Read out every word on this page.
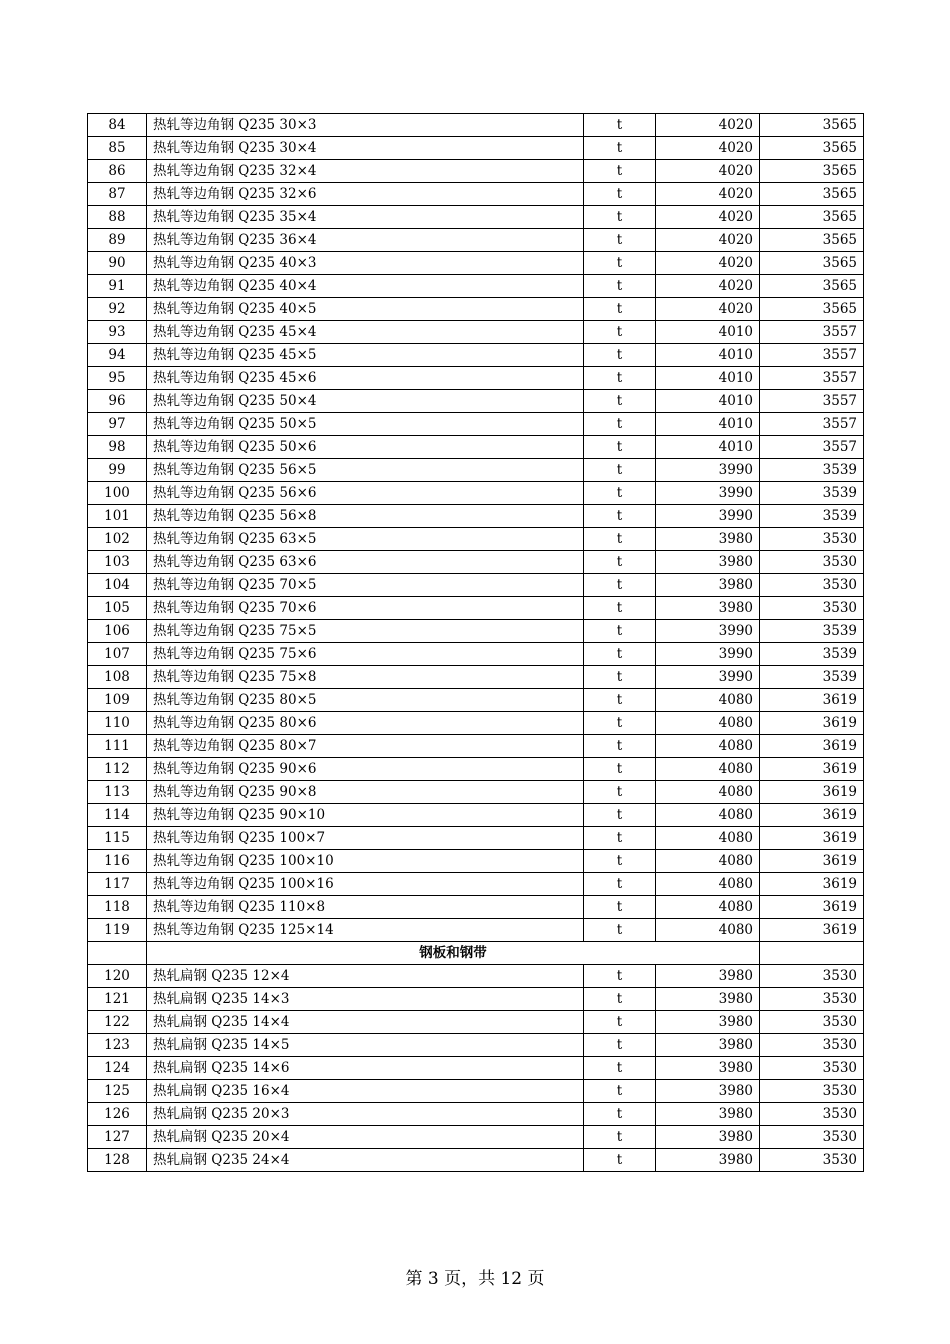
84	热轧等边角钢 Q235 30×3	t	4020	3565
85	热轧等边角钢 Q235 30×4	t	4020	3565
86	热轧等边角钢 Q235 32×4	t	4020	3565
87	热轧等边角钢 Q235 32×6	t	4020	3565
88	热轧等边角钢 Q235 35×4	t	4020	3565
89	热轧等边角钢 Q235 36×4	t	4020	3565
90	热轧等边角钢 Q235 40×3	t	4020	3565
91	热轧等边角钢 Q235 40×4	t	4020	3565
92	热轧等边角钢 Q235 40×5	t	4020	3565
93	热轧等边角钢 Q235 45×4	t	4010	3557
94	热轧等边角钢 Q235 45×5	t	4010	3557
95	热轧等边角钢 Q235 45×6	t	4010	3557
96	热轧等边角钢 Q235 50×4	t	4010	3557
97	热轧等边角钢 Q235 50×5	t	4010	3557
98	热轧等边角钢 Q235 50×6	t	4010	3557
99	热轧等边角钢 Q235 56×5	t	3990	3539
100	热轧等边角钢 Q235 56×6	t	3990	3539
101	热轧等边角钢 Q235 56×8	t	3990	3539
102	热轧等边角钢 Q235 63×5	t	3980	3530
103	热轧等边角钢 Q235 63×6	t	3980	3530
104	热轧等边角钢 Q235 70×5	t	3980	3530
105	热轧等边角钢 Q235 70×6	t	3980	3530
106	热轧等边角钢 Q235 75×5	t	3990	3539
107	热轧等边角钢 Q235 75×6	t	3990	3539
108	热轧等边角钢 Q235 75×8	t	3990	3539
109	热轧等边角钢 Q235 80×5	t	4080	3619
110	热轧等边角钢 Q235 80×6	t	4080	3619
111	热轧等边角钢 Q235 80×7	t	4080	3619
112	热轧等边角钢 Q235 90×6	t	4080	3619
113	热轧等边角钢 Q235 90×8	t	4080	3619
114	热轧等边角钢 Q235 90×10	t	4080	3619
115	热轧等边角钢 Q235 100×7	t	4080	3619
116	热轧等边角钢 Q235 100×10	t	4080	3619
117	热轧等边角钢 Q235 100×16	t	4080	3619
118	热轧等边角钢 Q235 110×8	t	4080	3619
119	热轧等边角钢 Q235 125×14	t	4080	3619
	钢板和钢带			
120	热轧扁钢 Q235 12×4	t	3980	3530
121	热轧扁钢 Q235 14×3	t	3980	3530
122	热轧扁钢 Q235 14×4	t	3980	3530
123	热轧扁钢 Q235 14×5	t	3980	3530
124	热轧扁钢 Q235 14×6	t	3980	3530
125	热轧扁钢 Q235 16×4	t	3980	3530
126	热轧扁钢 Q235 20×3	t	3980	3530
127	热轧扁钢 Q235 20×4	t	3980	3530
128	热轧扁钢 Q235 24×4	t	3980	3530
第 3 页，共 12 页
